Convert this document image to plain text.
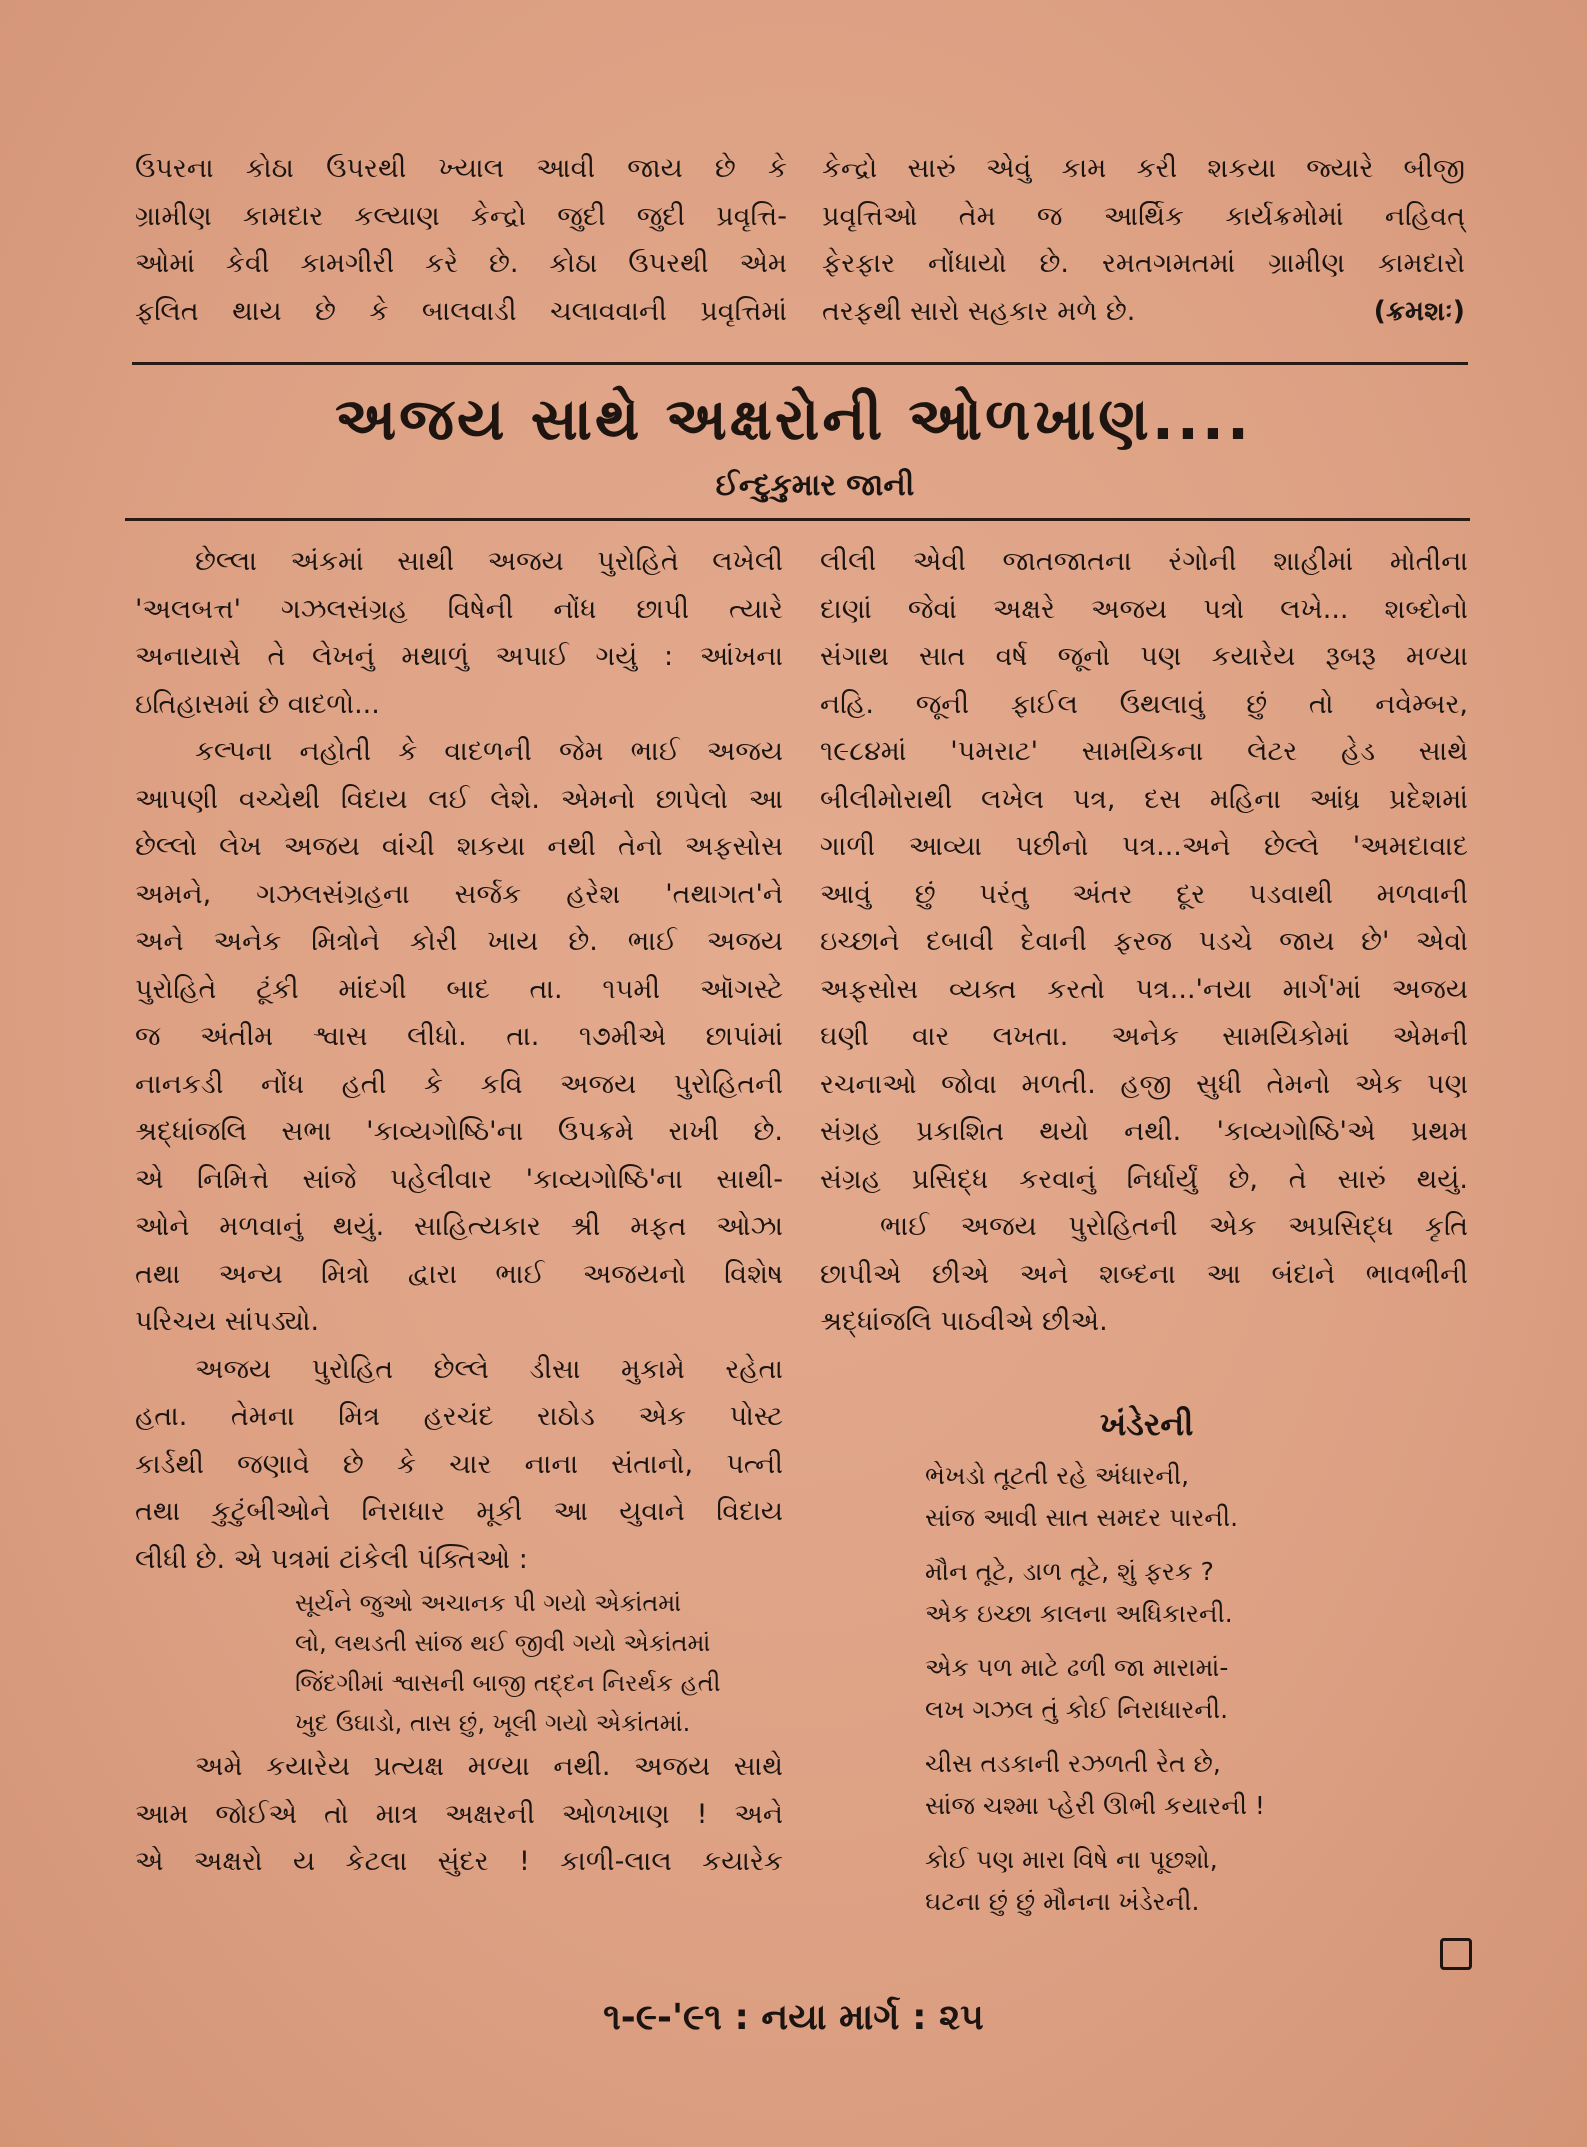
ઉપરના કોઠા ઉપરથી ખ્યાલ આવી જાય છે કે
ગ્રામીણ કામદાર કલ્યાણ કેન્દ્રો જુદી જુદી પ્રવૃત્તિ-
ઓમાં કેવી કામગીરી કરે છે. કોઠા ઉપરથી એમ
ફલિત થાય છે કે બાલવાડી ચલાવવાની પ્રવૃત્તિમાં
કેન્દ્રો સારું એવું કામ કરી શકયા જ્યારે બીજી
પ્રવૃત્તિઓ તેમ જ આર્થિક કાર્યક્રમોમાં નહિવત્
ફેરફાર નોંધાયો છે. રમતગમતમાં ગ્રામીણ કામદારો
તરફથી સારો સહકાર મળે છે.	(ક્રમશઃ)
અજય સાથે અક્ષરોની ઓળખાણ....
ઈન્દુકુમાર જાની
છેલ્લા અંકમાં સાથી અજય પુરોહિતે લખેલી
'અલબત્ત' ગઝલસંગ્રહ વિષેની નોંધ છાપી ત્યારે
અનાયાસે તે લેખનું મથાળું અપાઈ ગયું : આંખના
ઇતિહાસમાં છે વાદળો...
કલ્પના નહોતી કે વાદળની જેમ ભાઈ અજય
આપણી વચ્ચેથી વિદાય લઈ લેશે. એમનો છાપેલો આ
છેલ્લો લેખ અજય વાંચી શકયા નથી તેનો અફસોસ
અમને, ગઝલસંગ્રહના સર્જક હરેશ 'તથાગત'ને
અને અનેક મિત્રોને કોરી ખાય છે. ભાઈ અજય
પુરોહિતે ટૂંકી માંદગી બાદ તા. ૧૫મી ઑગસ્ટે
જ અંતીમ શ્વાસ લીધો. તા. ૧૭મીએ છાપાંમાં
નાનકડી નોંધ હતી કે કવિ અજય પુરોહિતની
શ્રદ્ધાંજલિ સભા 'કાવ્યગોષ્ઠિ'ના ઉપક્રમે રાખી છે.
એ નિમિત્તે સાંજે પહેલીવાર 'કાવ્યગોષ્ઠિ'ના સાથી-
ઓને મળવાનું થયું. સાહિત્યકાર શ્રી મફત ઓઝા
તથા અન્ય મિત્રો દ્વારા ભાઈ અજયનો વિશેષ
પરિચય સાંપડ્યો.
અજય પુરોહિત છેલ્લે ડીસા મુકામે રહેતા
હતા. તેમના મિત્ર હરચંદ રાઠોડ એક પોસ્ટ
કાર્ડથી જણાવે છે કે ચાર નાના સંતાનો, પત્ની
તથા કુટુંબીઓને નિરાધાર મૂકી આ યુવાને વિદાય
લીધી છે. એ પત્રમાં ટાંકેલી પંક્તિઓ :
સૂર્યને જુઓ અચાનક પી ગયો એકાંતમાં
લો, લથડતી સાંજ થઈ જીવી ગયો એકાંતમાં
જિંદગીમાં શ્વાસની બાજી તદ્દન નિરર્થક હતી
ખુદ ઉઘાડો, તાસ છું, ખૂલી ગયો એકાંતમાં.
અમે કયારેય પ્રત્યક્ષ મળ્યા નથી. અજય સાથે
આમ જોઈએ તો માત્ર અક્ષરની ઓળખાણ ! અને
એ અક્ષરો ય કેટલા સુંદર ! કાળી-લાલ કયારેક
લીલી એવી જાતજાતના રંગોની શાહીમાં મોતીના
દાણાં જેવાં અક્ષરે અજય પત્રો લખે... શબ્દોનો
સંગાથ સાત વર્ષ જૂનો પણ કયારેય રૂબરૂ મળ્યા
નહિ. જૂની ફાઈલ ઉથલાવું છું તો નવેમ્બર,
૧૯૮૪માં 'પમરાટ' સામયિકના લેટર હેડ સાથે
બીલીમોરાથી લખેલ પત્ર, દસ મહિના આંધ્ર પ્રદેશમાં
ગાળી આવ્યા પછીનો પત્ર...અને છેલ્લે 'અમદાવાદ
આવું છું પરંતુ અંતર દૂર પડવાથી મળવાની
ઇચ્છાને દબાવી દેવાની ફરજ પડચે જાય છે' એવો
અફસોસ વ્યક્ત કરતો પત્ર...'નયા માર્ગ'માં અજય
ઘણી વાર લખતા. અનેક સામયિકોમાં એમની
રચનાઓ જોવા મળતી. હજી સુધી તેમનો એક પણ
સંગ્રહ પ્રકાશિત થયો નથી. 'કાવ્યગોષ્ઠિ'એ પ્રથમ
સંગ્રહ પ્રસિદ્ધ કરવાનું નિર્ધાર્યું છે, તે સારું થયું.
ભાઈ અજય પુરોહિતની એક અપ્રસિદ્ધ કૃતિ
છાપીએ છીએ અને શબ્દના આ બંદાને ભાવભીની
શ્રદ્ધાંજલિ પાઠવીએ છીએ.
ખંડેરની
ભેખડો તૂટતી રહે અંધારની,
સાંજ આવી સાત સમદર પારની.
મૌન તૂટે, ડાળ તૂટે, શું ફરક ?
એક ઇચ્છા કાલના અધિકારની.
એક પળ માટે ઢળી જા મારામાં-
લખ ગઝલ તું કોઈ નિરાધારની.
ચીસ તડકાની રઝળતી રેત છે,
સાંજ ચશ્મા પ્હેરી ઊભી કયારની !
કોઈ પણ મારા વિષે ના પૂછશો,
ઘટના છું છું મૌનના ખંડેરની.
૧-૯-'૯૧ : નયા માર્ગ : ૨૫
